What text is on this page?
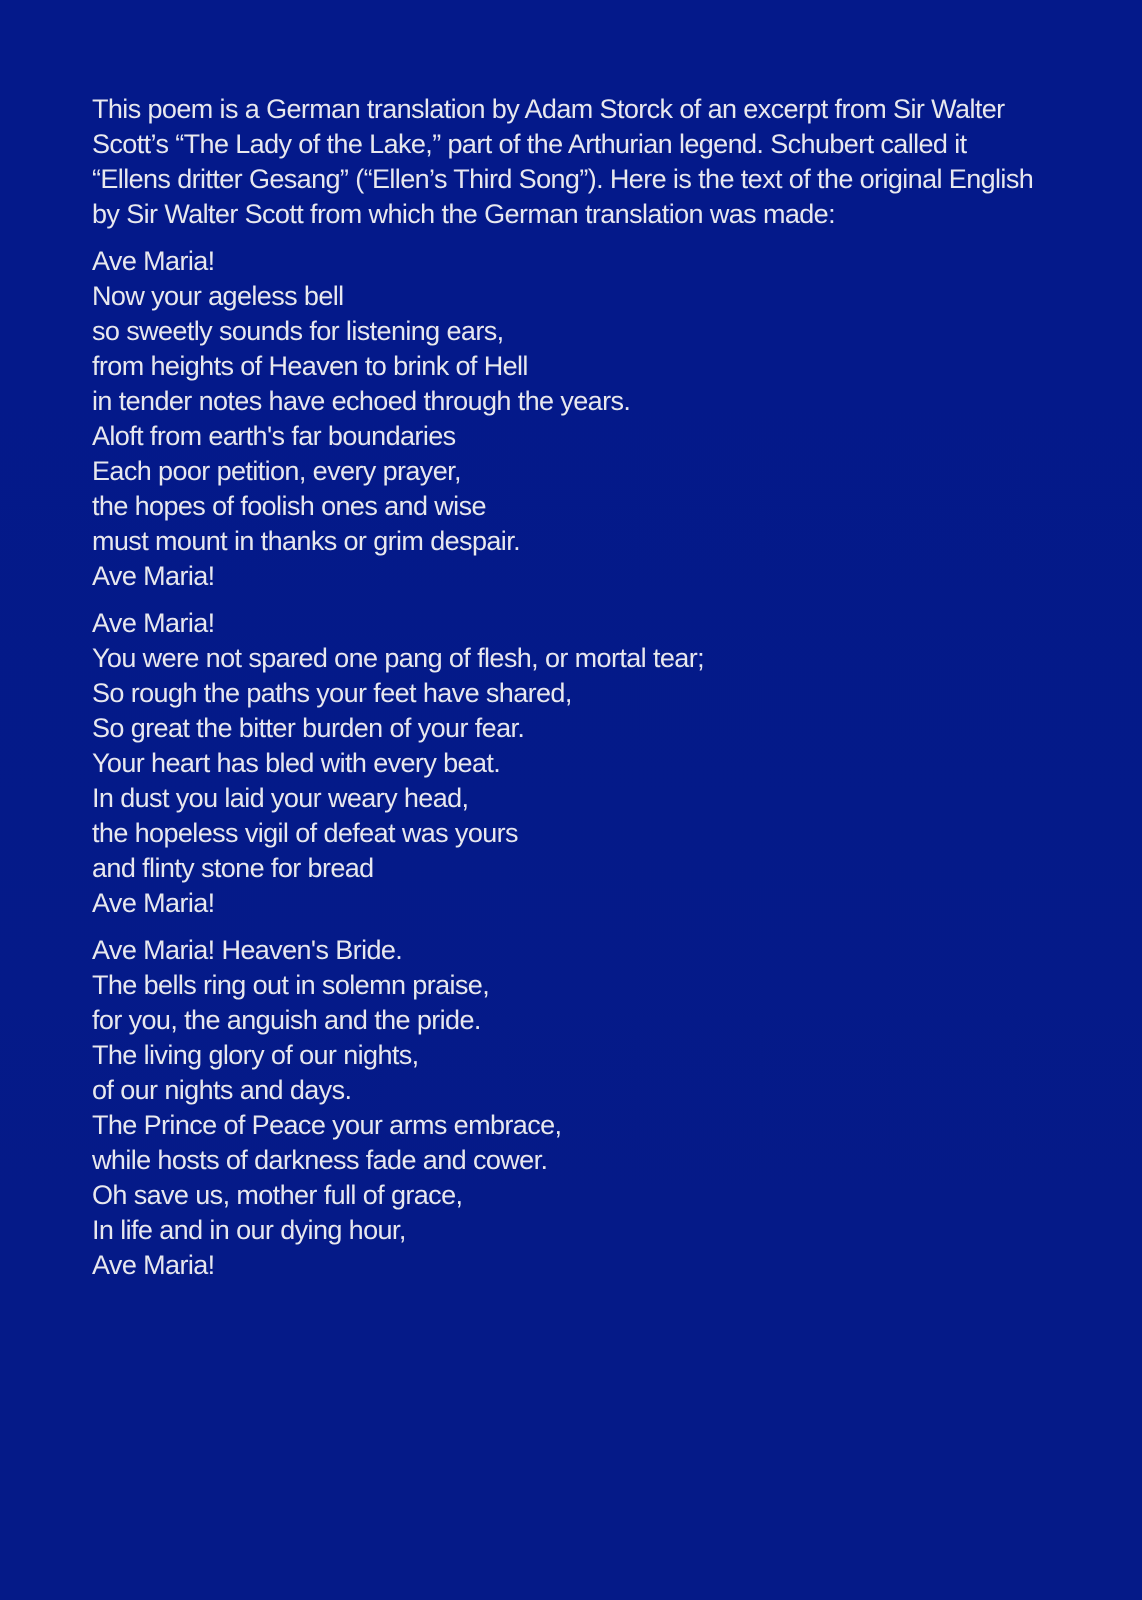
This poem is a German translation by Adam Storck of an excerpt from Sir Walter Scott’s “The Lady of the Lake,” part of the Arthurian legend. Schubert called it “Ellens dritter Gesang” (“Ellen’s Third Song”). Here is the text of the original English by Sir Walter Scott from which the German translation was made:

Ave Maria!
Now your ageless bell
so sweetly sounds for listening ears,
from heights of Heaven to brink of Hell
in tender notes have echoed through the years.
Aloft from earth's far boundaries
Each poor petition, every prayer,
the hopes of foolish ones and wise
must mount in thanks or grim despair.
Ave Maria!
Ave Maria!
You were not spared one pang of flesh, or mortal tear;
So rough the paths your feet have shared,
So great the bitter burden of your fear.
Your heart has bled with every beat.
In dust you laid your weary head,
the hopeless vigil of defeat was yours
and flinty stone for bread
Ave Maria!
Ave Maria! Heaven's Bride.
The bells ring out in solemn praise,
for you, the anguish and the pride.
The living glory of our nights,
of our nights and days.
The Prince of Peace your arms embrace,
while hosts of darkness fade and cower.
Oh save us, mother full of grace,
In life and in our dying hour,
Ave Maria!
